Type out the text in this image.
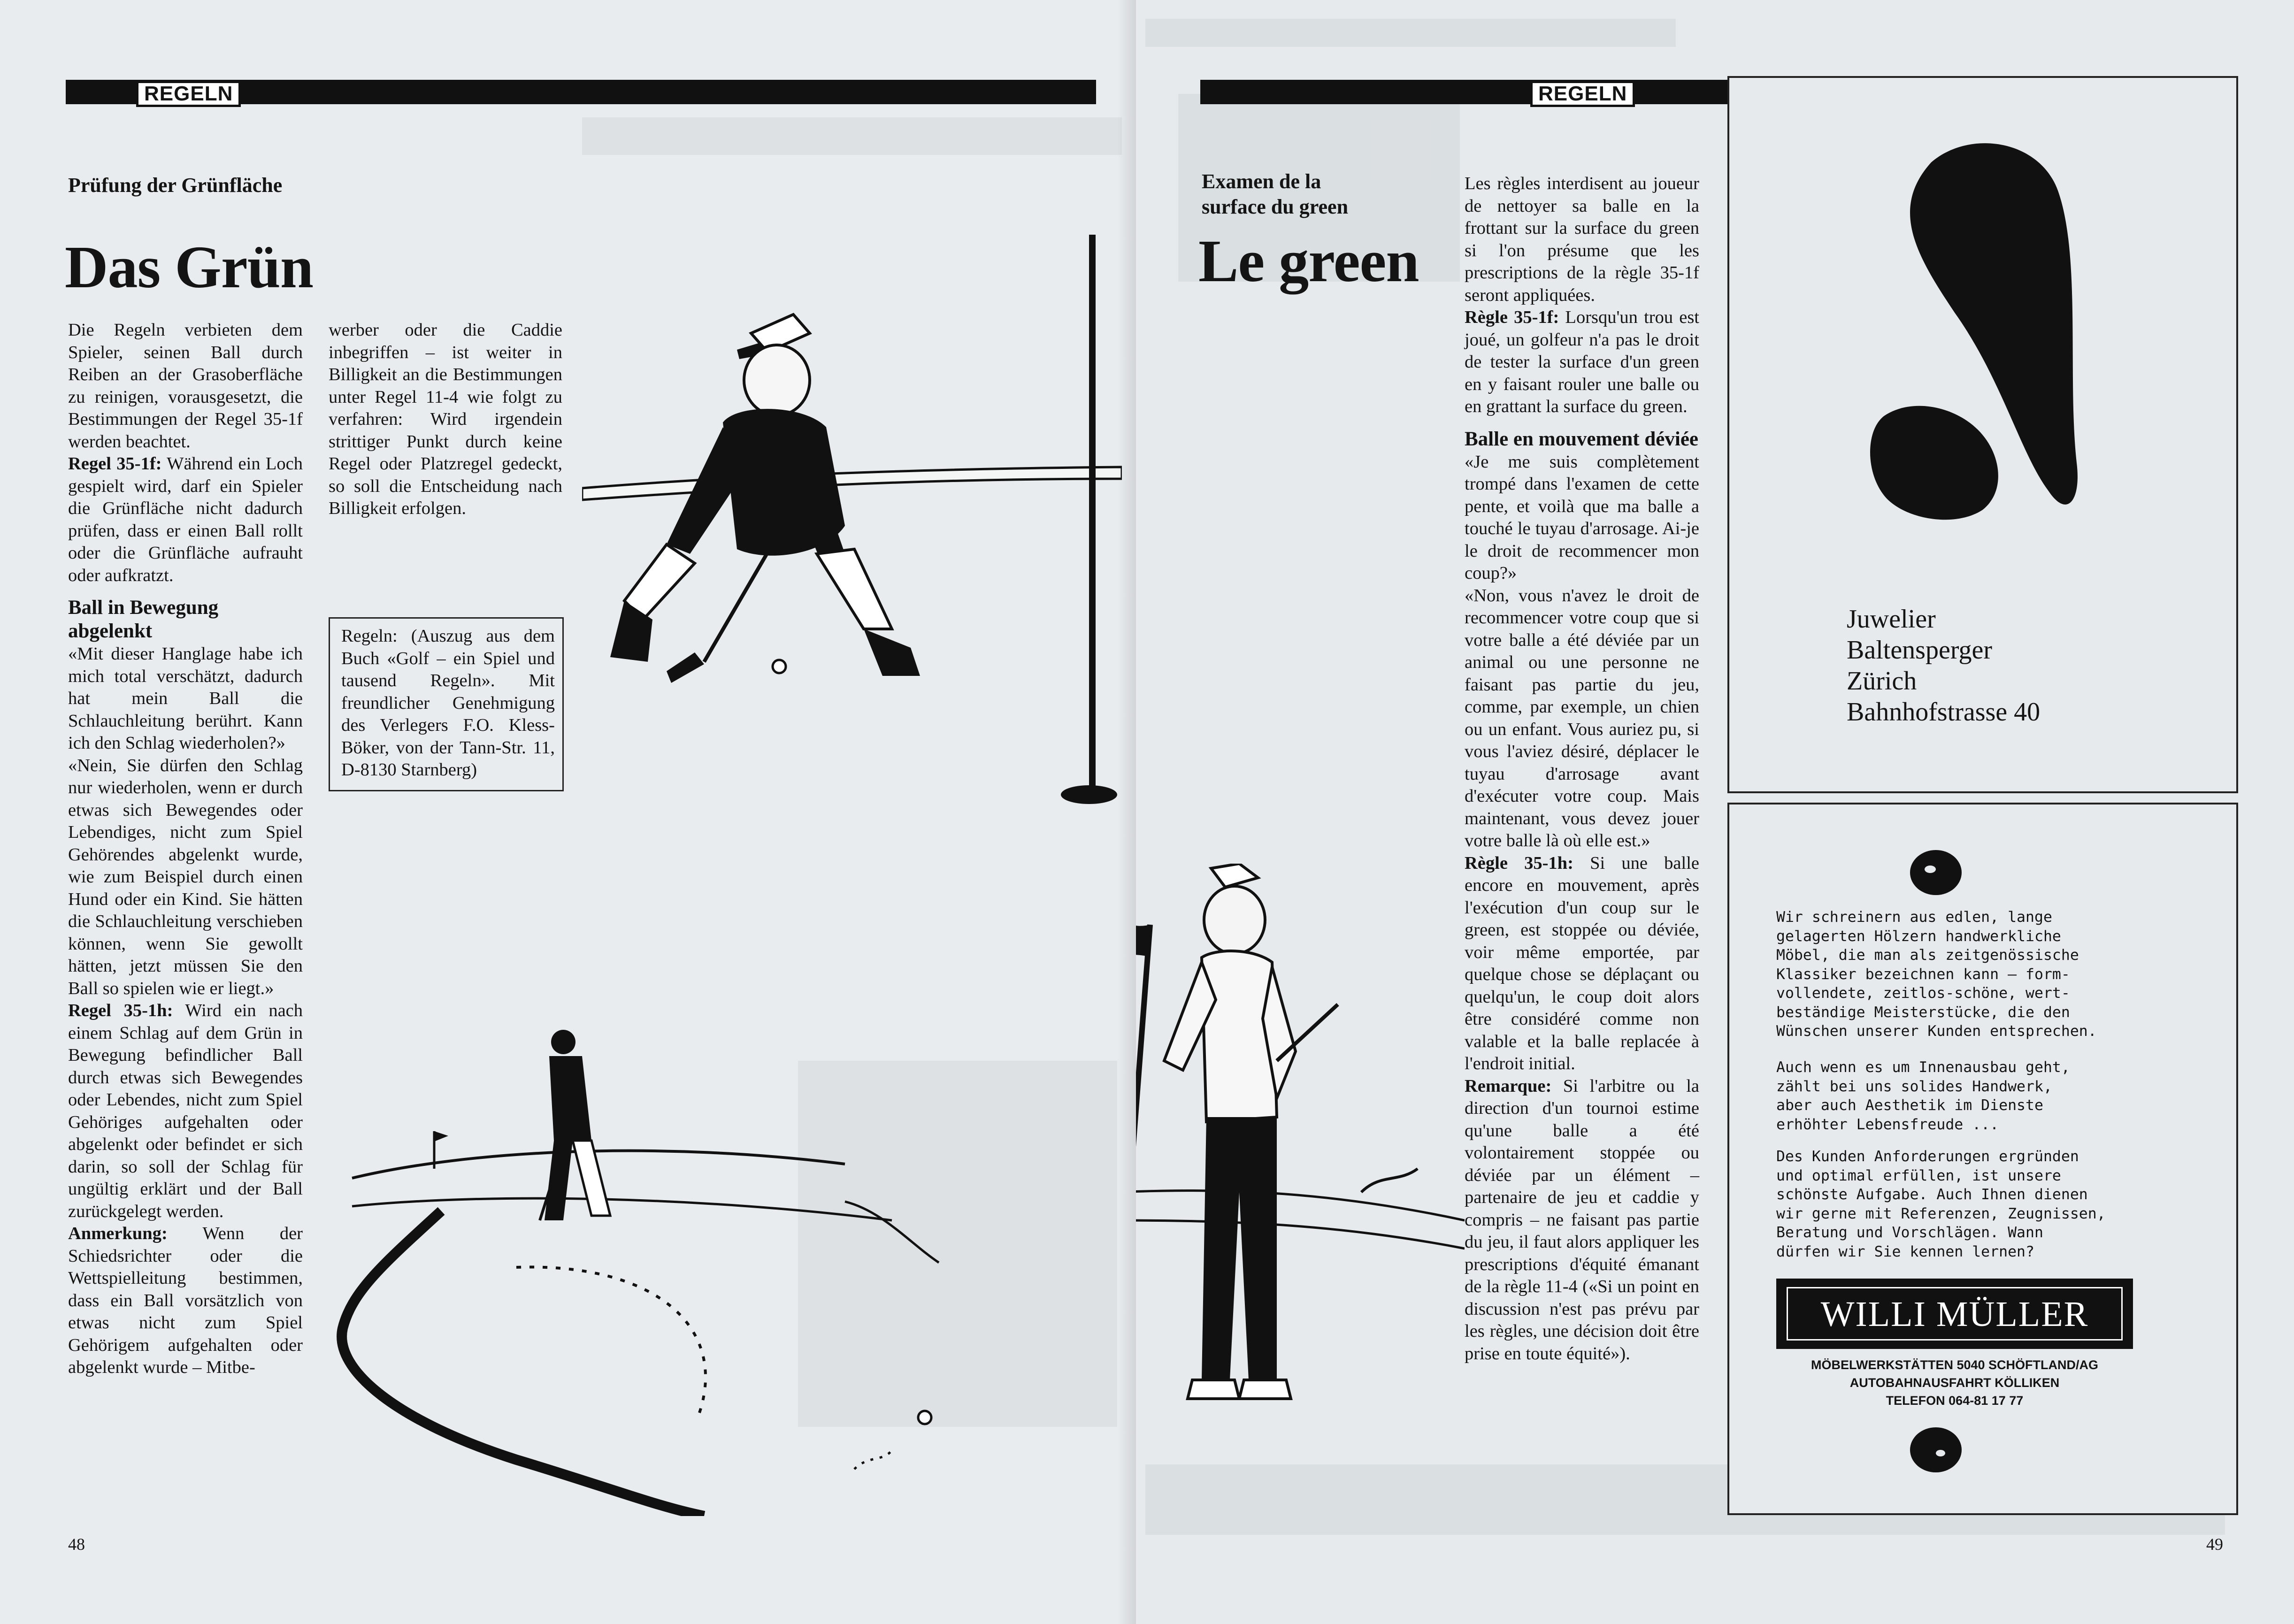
REGELN
Prüfung der Grünfläche
Das Grün

Die Regeln verbieten dem Spieler, seinen Ball durch Reiben an der Grasoberfläche zu reinigen, vorausgesetzt, die Bestimmungen der Regel 35-1f werden beachtet.

Regel 35-1f: Während ein Loch gespielt wird, darf ein Spieler die Grünfläche nicht dadurch prüfen, dass er einen Ball rollt oder die Grünfläche aufrauht oder aufkratzt.

Ball in Bewegung abgelenkt

«Mit dieser Hanglage habe ich mich total verschätzt, dadurch hat mein Ball die Schlauchleitung berührt. Kann ich den Schlag wiederholen?»

«Nein, Sie dürfen den Schlag nur wiederholen, wenn er durch etwas sich Bewegendes oder Lebendiges, nicht zum Spiel Gehörendes abgelenkt wurde, wie zum Beispiel durch einen Hund oder ein Kind. Sie hätten die Schlauchleitung verschieben können, wenn Sie gewollt hätten, jetzt müssen Sie den Ball so spielen wie er liegt.»

Regel 35-1h: Wird ein nach einem Schlag auf dem Grün in Bewegung befindlicher Ball durch etwas sich Bewegendes oder Lebendes, nicht zum Spiel Gehöriges aufgehalten oder abgelenkt oder befindet er sich darin, so soll der Schlag für ungültig erklärt und der Ball zurückgelegt werden.

Anmerkung: Wenn der Schiedsrichter oder die Wettspielleitung bestimmen, dass ein Ball vorsätzlich von etwas nicht zum Spiel Gehörigem aufgehalten oder abgelenkt wurde – Mitbe-

werber oder die Caddie inbegriffen – ist weiter in Billigkeit an die Bestimmungen unter Regel 11-4 wie folgt zu verfahren: Wird irgendein strittiger Punkt durch keine Regel oder Platzregel gedeckt, so soll die Entscheidung nach Billigkeit erfolgen.

Regeln: (Auszug aus dem Buch «Golf – ein Spiel und tausend Regeln». Mit freundlicher Genehmigung des Verlegers F.O. Kless-Böker, von der Tann-Str. 11, D-8130 Starnberg)
48
REGELN
Examen de la surface du green
Le green

Les règles interdisent au joueur de nettoyer sa balle en la frottant sur la surface du green si l'on présume que les prescriptions de la règle 35-1f seront appliquées.

Règle 35-1f: Lorsqu'un trou est joué, un golfeur n'a pas le droit de tester la surface d'un green en y faisant rouler une balle ou en grattant la surface du green.

Balle en mouvement déviée

«Je me suis complètement trompé dans l'examen de cette pente, et voilà que ma balle a touché le tuyau d'arrosage. Ai-je le droit de recommencer mon coup?»

«Non, vous n'avez le droit de recommencer votre coup que si votre balle a été déviée par un animal ou une personne ne faisant pas partie du jeu, comme, par exemple, un chien ou un enfant. Vous auriez pu, si vous l'aviez désiré, déplacer le tuyau d'arrosage avant d'exécuter votre coup. Mais maintenant, vous devez jouer votre balle là où elle est.»

Règle 35-1h: Si une balle encore en mouvement, après l'exécution d'un coup sur le green, est stoppée ou déviée, voir même emportée, par quelque chose se déplaçant ou quelqu'un, le coup doit alors être considéré comme non valable et la balle replacée à l'endroit initial.

Remarque: Si l'arbitre ou la direction d'un tournoi estime qu'une balle a été volontairement stoppée ou déviée par un élément – partenaire de jeu et caddie y compris – ne faisant pas partie du jeu, il faut alors appliquer les prescriptions d'équité émanant de la règle 11-4 («Si un point en discussion n'est pas prévu par les règles, une décision doit être prise en toute équité»).

Juwelier
Baltensperger
Zürich
Bahnhofstrasse 40
Wir schreinern aus edlen, lange
gelagerten Hölzern handwerkliche
Möbel, die man als zeitgenössische
Klassiker bezeichnen kann — form-
vollendete, zeitlos-schöne, wert-
beständige Meisterstücke, die den
Wünschen unserer Kunden entsprechen.
Auch wenn es um Innenausbau geht,
zählt bei uns solides Handwerk,
aber auch Aesthetik im Dienste
erhöhter Lebensfreude ...
Des Kunden Anforderungen ergründen
und optimal erfüllen, ist unsere
schönste Aufgabe. Auch Ihnen dienen
wir gerne mit Referenzen, Zeugnissen,
Beratung und Vorschlägen. Wann
dürfen wir Sie kennen lernen?
WILLI MÜLLER
MÖBELWERKSTÄTTEN 5040 SCHÖFTLAND/AG
AUTOBAHNAUSFAHRT KÖLLIKEN
TELEFON 064-81 17 77
49
